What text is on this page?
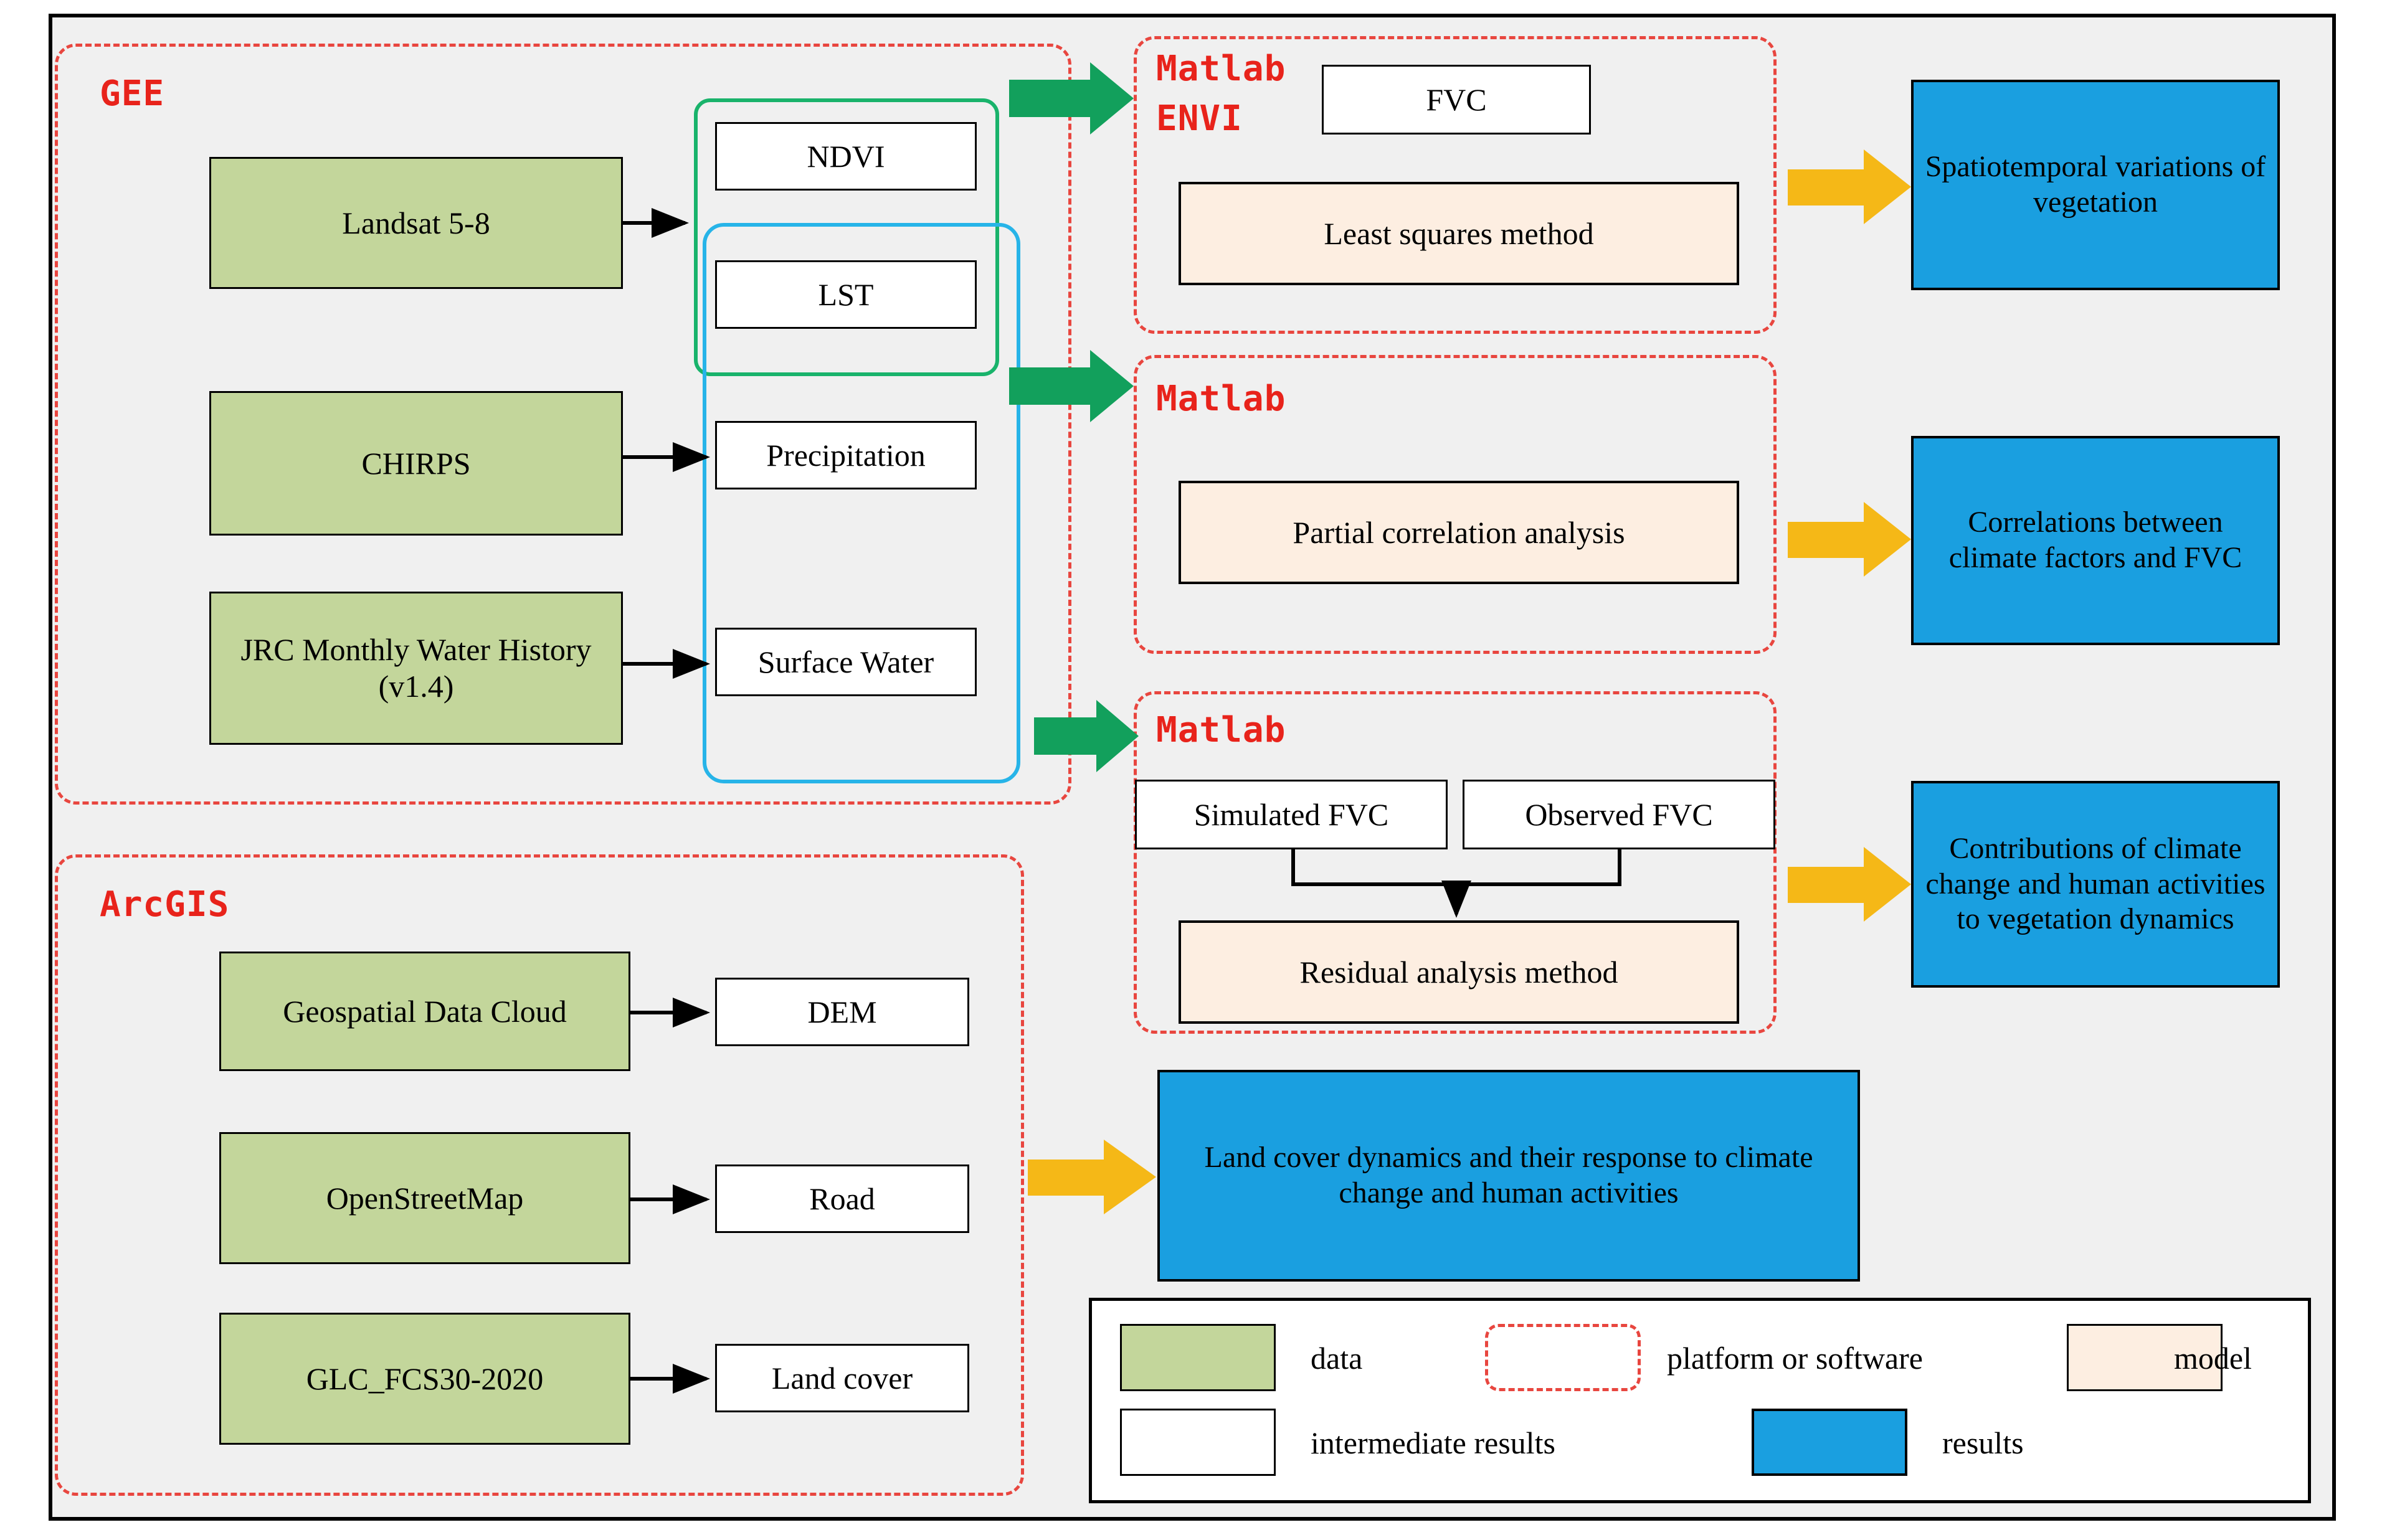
GEE
ArcGIS
Matlab
ENVI
Matlab
Matlab
Landsat 5-8
CHIRPS
JRC Monthly Water History (v1.4)
NDVI
LST
Precipitation
Surface Water
Geospatial Data Cloud
OpenStreetMap
GLC_FCS30-2020
DEM
Road
Land cover
FVC
Least squares method
Partial correlation analysis
Simulated FVC	Observed FVC
Residual analysis method
Spatiotemporal variations of vegetation
Correlations between climate factors and FVC
Contributions of climate change and human activities to vegetation dynamics
Land cover dynamics and their response to climate change and human activities
data	platform or software	model
intermediate results	results
